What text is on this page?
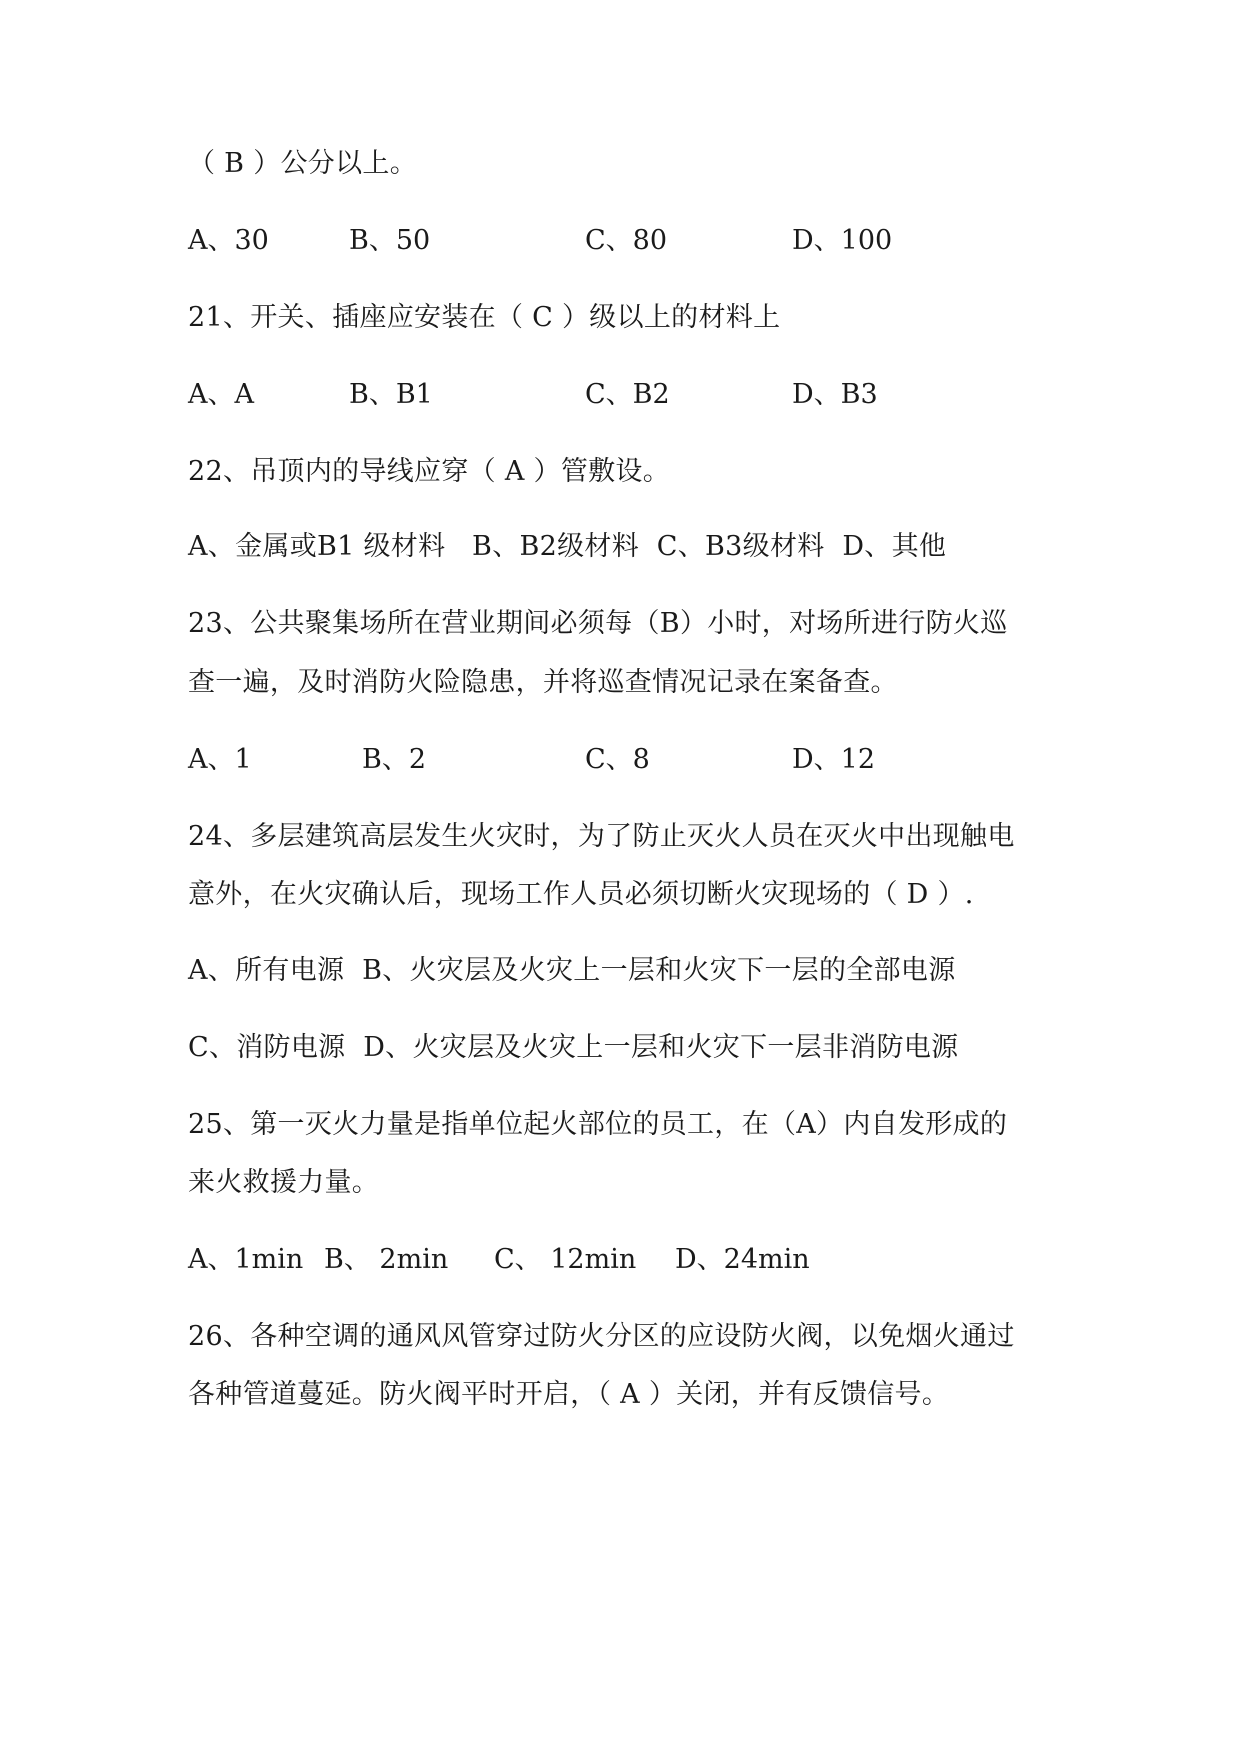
（ B ）公分以上。
A、30	B、50	C、80	D、100
21、开关、插座应安装在（ C ）级以上的材料上
A、A	B、B1	C、B2	D、B3
22、吊顶内的导线应穿（ A ）管敷设。
A、金属或B1 级材料   B、B2级材料  C、B3级材料  D、其他
23、公共聚集场所在营业期间必须每（B）小时，对场所进行防火巡
查一遍，及时消防火险隐患，并将巡查情况记录在案备查。
A、1	B、2	C、8	D、12
24、多层建筑高层发生火灾时，为了防止灭火人员在灭火中出现触电
意外，在火灾确认后，现场工作人员必须切断火灾现场的（ D ）.
A、所有电源  B、火灾层及火灾上一层和火灾下一层的全部电源
C、消防电源  D、火灾层及火灾上一层和火灾下一层非消防电源
25、第一灭火力量是指单位起火部位的员工，在（A）内自发形成的
来火救援力量。
A、1min B、 2min C、 12min D、24min
26、各种空调的通风风管穿过防火分区的应设防火阀，以免烟火通过
各种管道蔓延。防火阀平时开启，（ A ）关闭，并有反馈信号。
